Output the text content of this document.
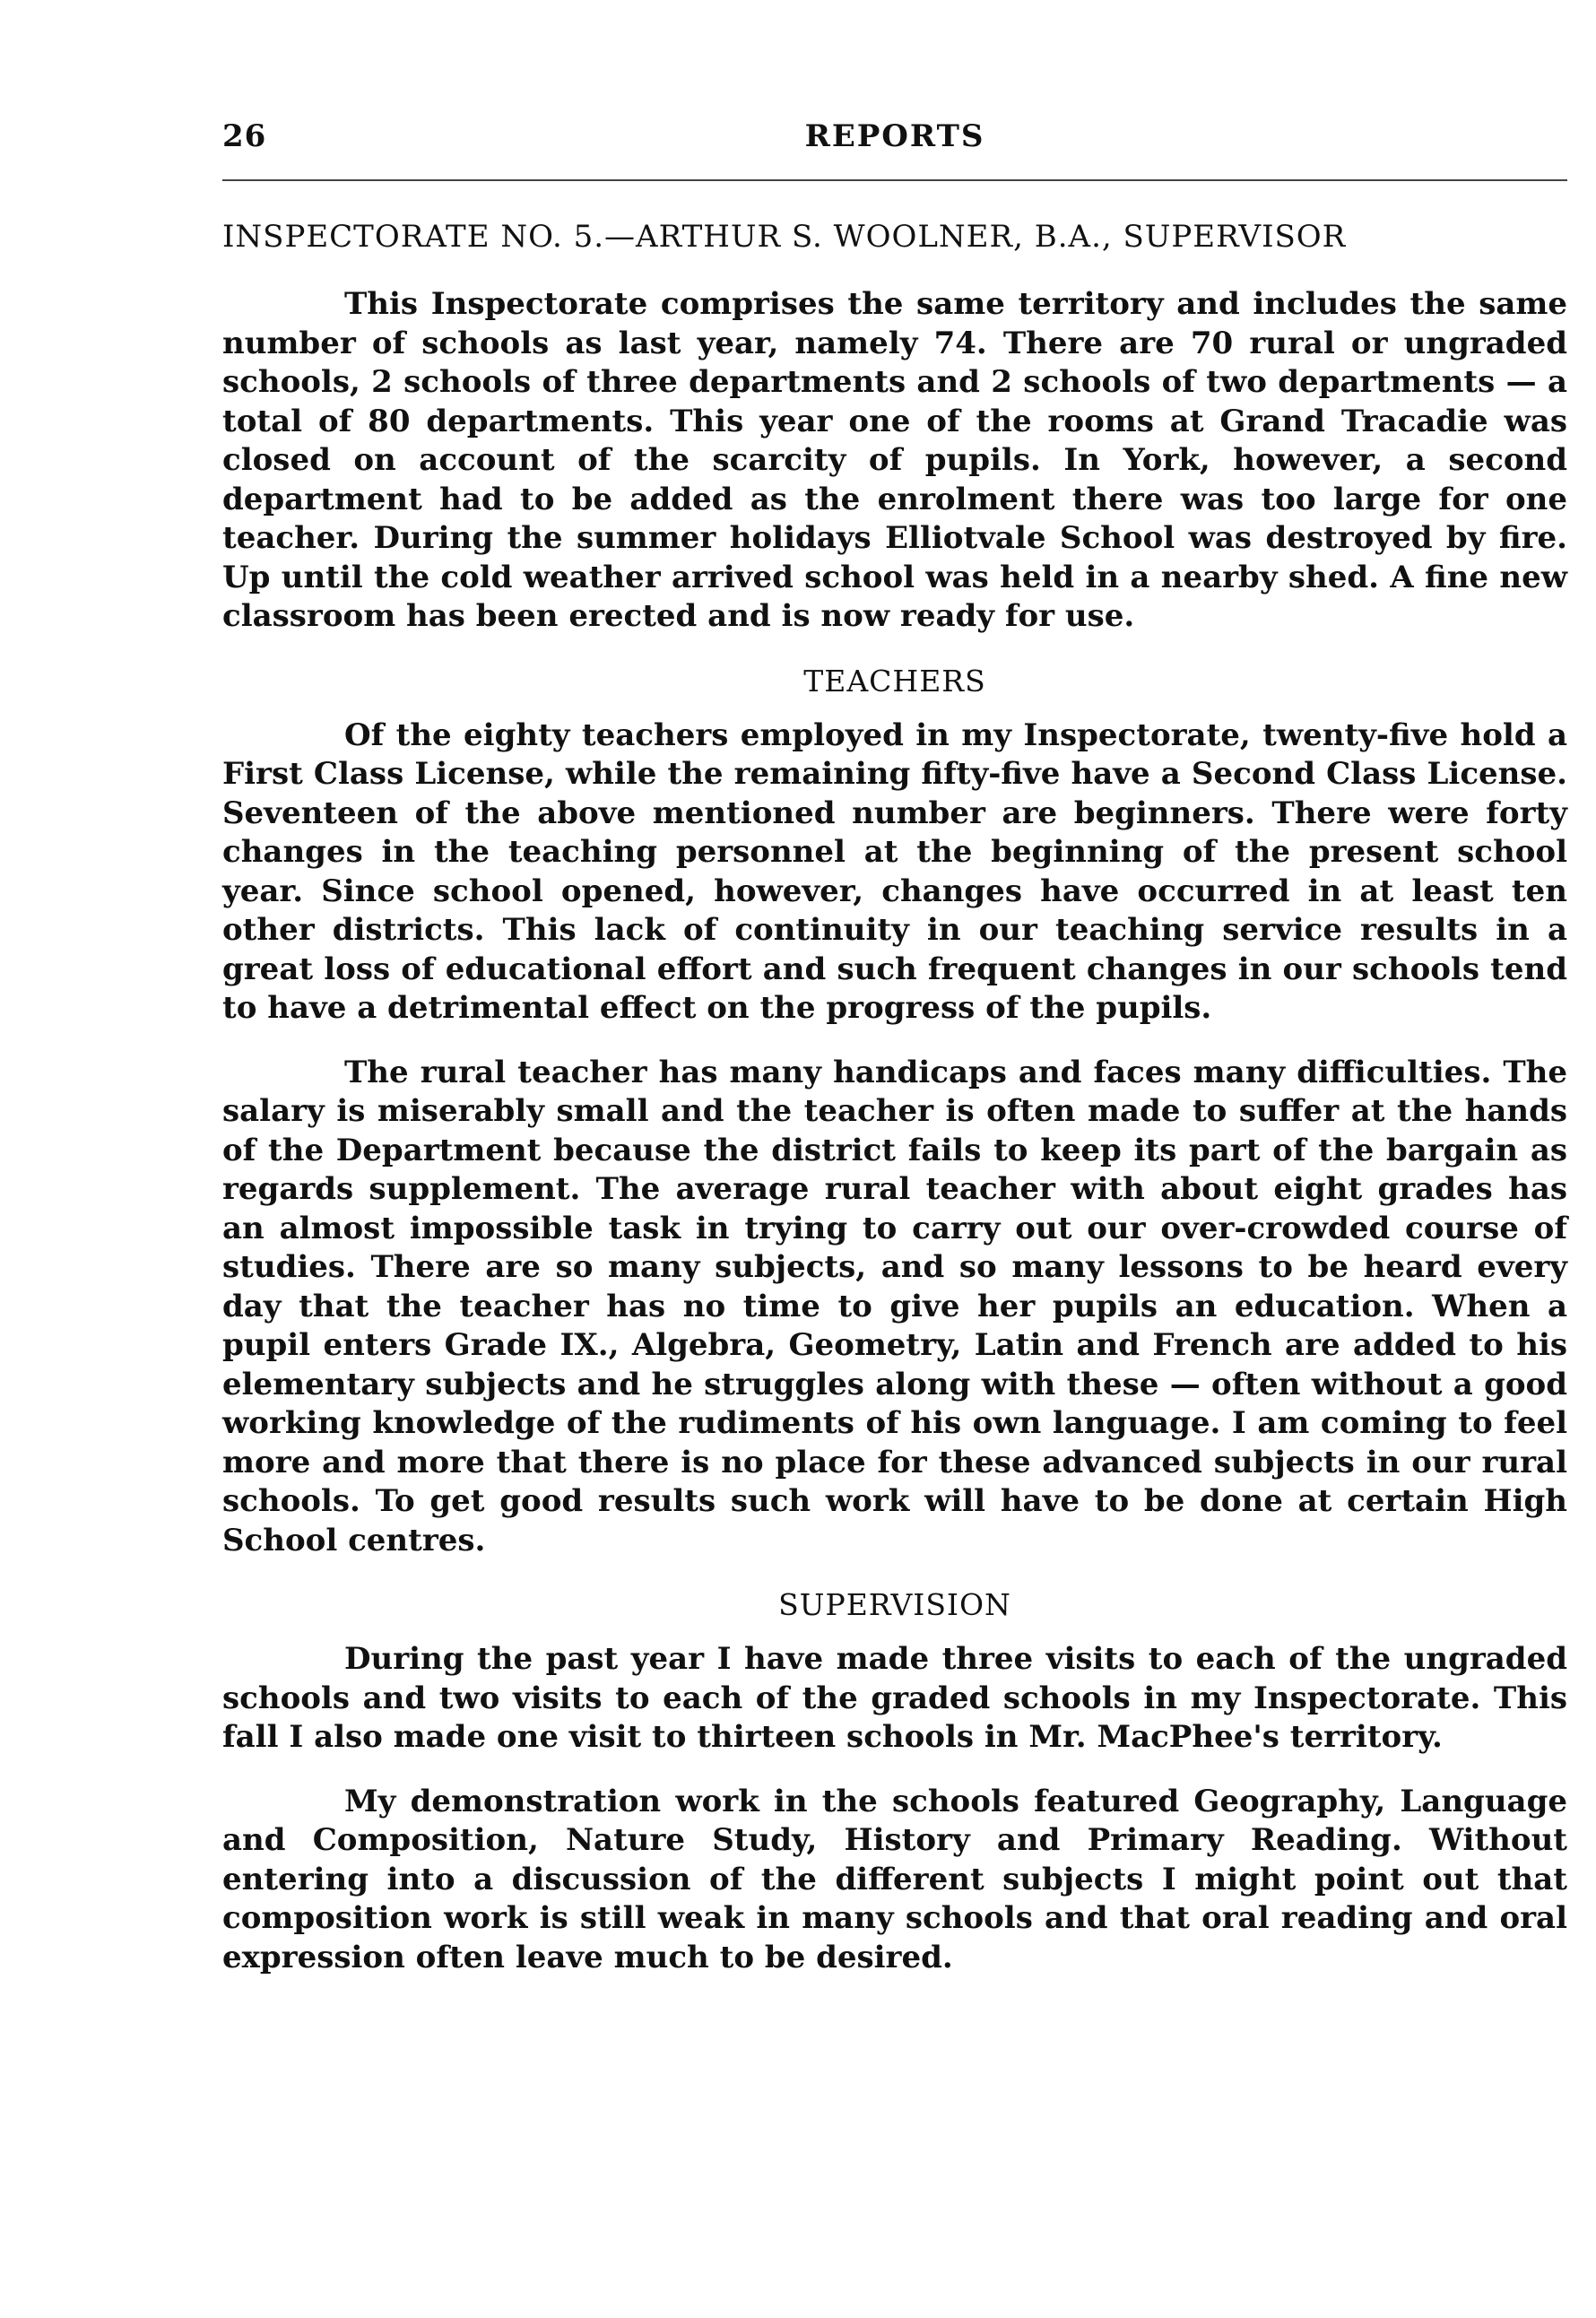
26	REPORTS
INSPECTORATE NO. 5.—ARTHUR S. WOOLNER, B.A., SUPERVISOR

This Inspectorate comprises the same territory and includes the same number of schools as last year, namely 74. There are 70 rural or ungraded schools, 2 schools of three departments and 2 schools of two departments — a total of 80 departments. This year one of the rooms at Grand Tracadie was closed on account of the scarcity of pupils. In York, however, a second department had to be added as the enrolment there was too large for one teacher. During the summer holidays Elliotvale School was destroyed by fire. Up until the cold weather arrived school was held in a nearby shed. A fine new classroom has been erected and is now ready for use.

TEACHERS

Of the eighty teachers employed in my Inspectorate, twenty-five hold a First Class License, while the remaining fifty-five have a Second Class License. Seventeen of the above mentioned number are beginners. There were forty changes in the teaching personnel at the beginning of the present school year. Since school opened, however, changes have occurred in at least ten other districts. This lack of continuity in our teaching service results in a great loss of educational effort and such frequent changes in our schools tend to have a detrimental effect on the progress of the pupils.

The rural teacher has many handicaps and faces many difficulties. The salary is miserably small and the teacher is often made to suffer at the hands of the Department because the district fails to keep its part of the bargain as regards supplement. The average rural teacher with about eight grades has an almost impossible task in trying to carry out our over-crowded course of studies. There are so many subjects, and so many lessons to be heard every day that the teacher has no time to give her pupils an education. When a pupil enters Grade IX., Algebra, Geometry, Latin and French are added to his elementary subjects and he struggles along with these — often without a good working knowledge of the rudiments of his own language. I am coming to feel more and more that there is no place for these advanced subjects in our rural schools. To get good results such work will have to be done at certain High School centres.

SUPERVISION

During the past year I have made three visits to each of the ungraded schools and two visits to each of the graded schools in my Inspectorate. This fall I also made one visit to thirteen schools in Mr. MacPhee's territory.

My demonstration work in the schools featured Geography, Language and Composition, Nature Study, History and Primary Reading. Without entering into a discussion of the different subjects I might point out that composition work is still weak in many schools and that oral reading and oral expression often leave much to be desired.
